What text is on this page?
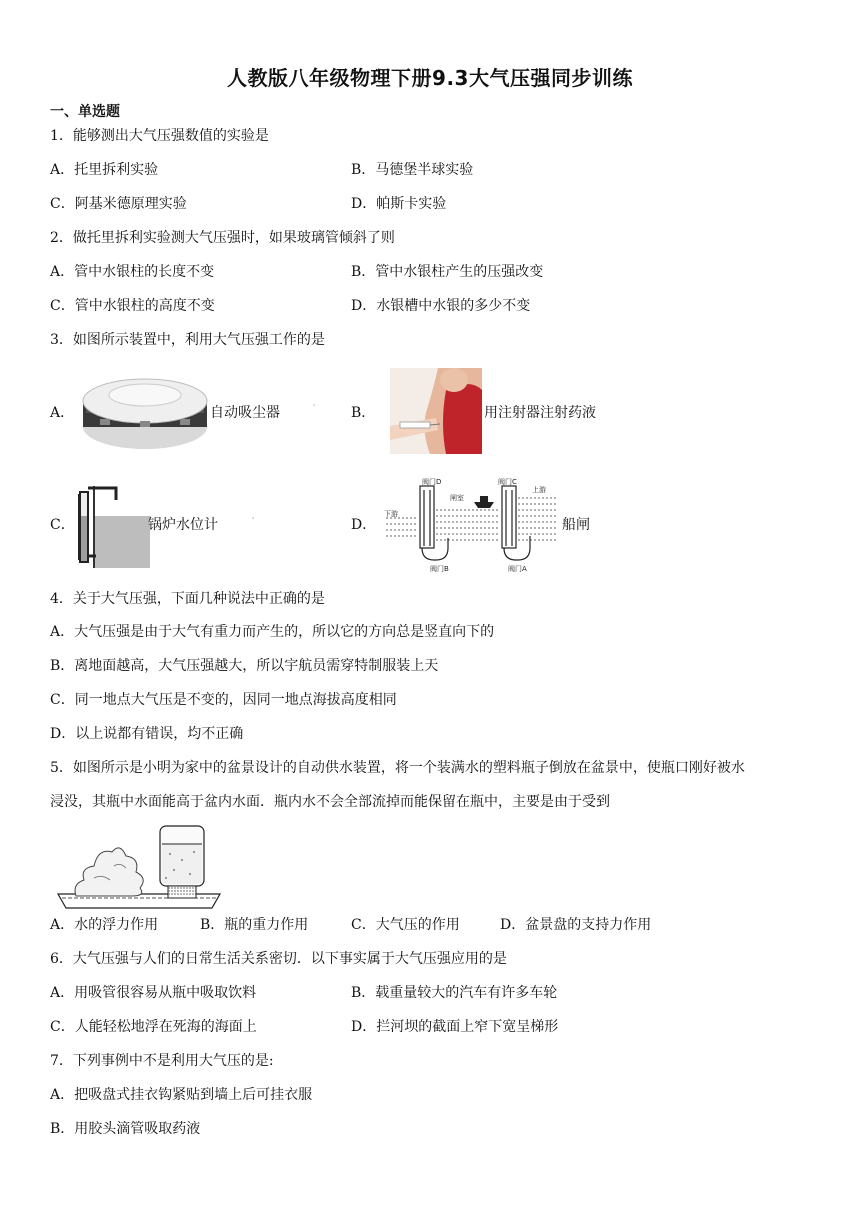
人教版八年级物理下册9.3大气压强同步训练
一、单选题
1．能够测出大气压强数值的实验是
A．托里拆利实验	B．马德堡半球实验
C．阿基米德原理实验	D．帕斯卡实验
2．做托里拆利实验测大气压强时，如果玻璃管倾斜了则
A．管中水银柱的长度不变	B．管中水银柱产生的压强改变
C．管中水银柱的高度不变	D．水银槽中水银的多少不变
3．如图所示装置中，利用大气压强工作的是
A．	自动吸尘器	'	B．	用注射器注射药液
C．	锅炉水位计	'	D．
阀门D	阀门C
闸室
下游
上游
阀门B	阀门A
船闸
4．关于大气压强，下面几种说法中正确的是
A．大气压强是由于大气有重力而产生的，所以它的方向总是竖直向下的
B．离地面越高，大气压强越大，所以宇航员需穿特制服装上天
C．同一地点大气压是不变的，因同一地点海拔高度相同
D．以上说都有错误，均不正确
5．如图所示是小明为家中的盆景设计的自动供水装置，将一个装满水的塑料瓶子倒放在盆景中，使瓶口刚好被水
浸没，其瓶中水面能高于盆内水面．瓶内水不会全部流掉而能保留在瓶中，主要是由于受到
A．水的浮力作用	B．瓶的重力作用	C．大气压的作用	D．盆景盘的支持力作用
6．大气压强与人们的日常生活关系密切．以下事实属于大气压强应用的是
A．用吸管很容易从瓶中吸取饮料	B．载重量较大的汽车有许多车轮
C．人能轻松地浮在死海的海面上	D．拦河坝的截面上窄下宽呈梯形
7．下列事例中不是利用大气压的是:
A．把吸盘式挂衣钩紧贴到墙上后可挂衣服
B．用胶头滴管吸取药液
